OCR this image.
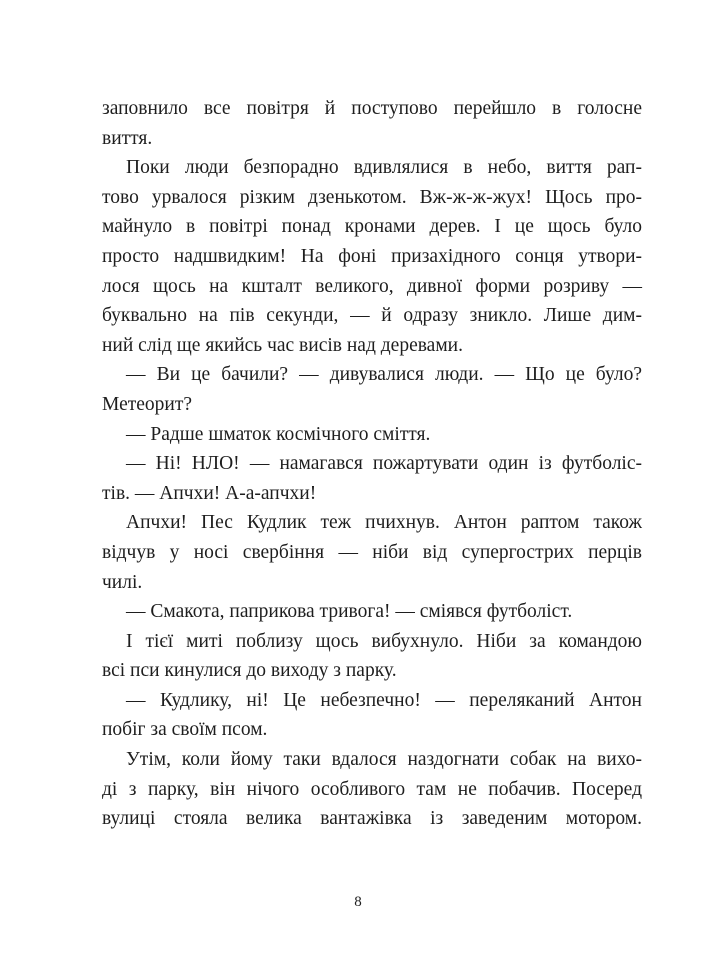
заповнило все повітря й поступово перейшло в голосне
виття.
Поки люди безпорадно вдивлялися в небо, виття рап-
тово урвалося різким дзенькотом. Вж-ж-ж-жух! Щось про-
майнуло в повітрі понад кронами дерев. І це щось було
просто надшвидким! На фоні призахідного сонця утвори-
лося щось на кшталт великого, дивної форми розриву —
буквально на пів секунди, — й одразу зникло. Лише дим-
ний слід ще якийсь час висів над деревами.
— Ви це бачили? — дивувалися люди. — Що це було?
Метеорит?
— Радше шматок космічного сміття.
— Ні! НЛО! — намагався пожартувати один із футболіс-
тів. — Апчхи! А-а-апчхи!
Апчхи! Пес Кудлик теж пчихнув. Антон раптом також
відчув у носі свербіння — ніби від супергострих перців
чилі.
— Смакота, паприкова тривога! — сміявся футболіст.
І тієї миті поблизу щось вибухнуло. Ніби за командою
всі пси кинулися до виходу з парку.
— Кудлику, ні! Це небезпечно! — переляканий Антон
побіг за своїм псом.
Утім, коли йому таки вдалося наздогнати собак на вихо-
ді з парку, він нічого особливого там не побачив. Посеред
вулиці стояла велика вантажівка із заведеним мотором.
8
